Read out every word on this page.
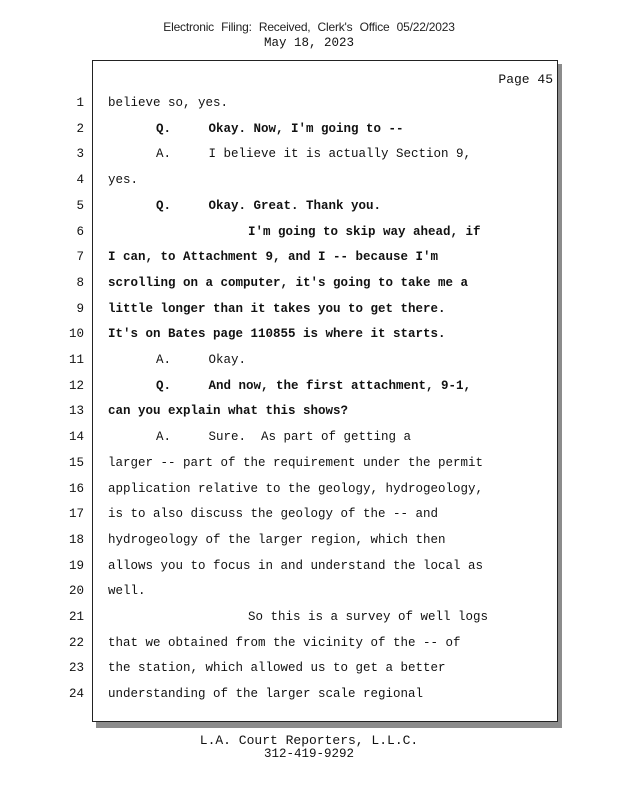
Electronic Filing: Received, Clerk's Office 05/22/2023
May 18, 2023
Page 45
1 believe so, yes.
2	Q.     Okay. Now, I'm going to --
3	A.     I believe it is actually Section 9,
4 yes.
5	Q.     Okay. Great. Thank you.
6	I'm going to skip way ahead, if
7 I can, to Attachment 9, and I -- because I'm
8 scrolling on a computer, it's going to take me a
9 little longer than it takes you to get there.
10 It's on Bates page 110855 is where it starts.
11	A.     Okay.
12	Q.     And now, the first attachment, 9-1,
13 can you explain what this shows?
14	A.     Sure.  As part of getting a
15 larger -- part of the requirement under the permit
16 application relative to the geology, hydrogeology,
17 is to also discuss the geology of the -- and
18 hydrogeology of the larger region, which then
19 allows you to focus in and understand the local as
20 well.
21	So this is a survey of well logs
22 that we obtained from the vicinity of the -- of
23 the station, which allowed us to get a better
24 understanding of the larger scale regional
L.A. Court Reporters, L.L.C.
312-419-9292
